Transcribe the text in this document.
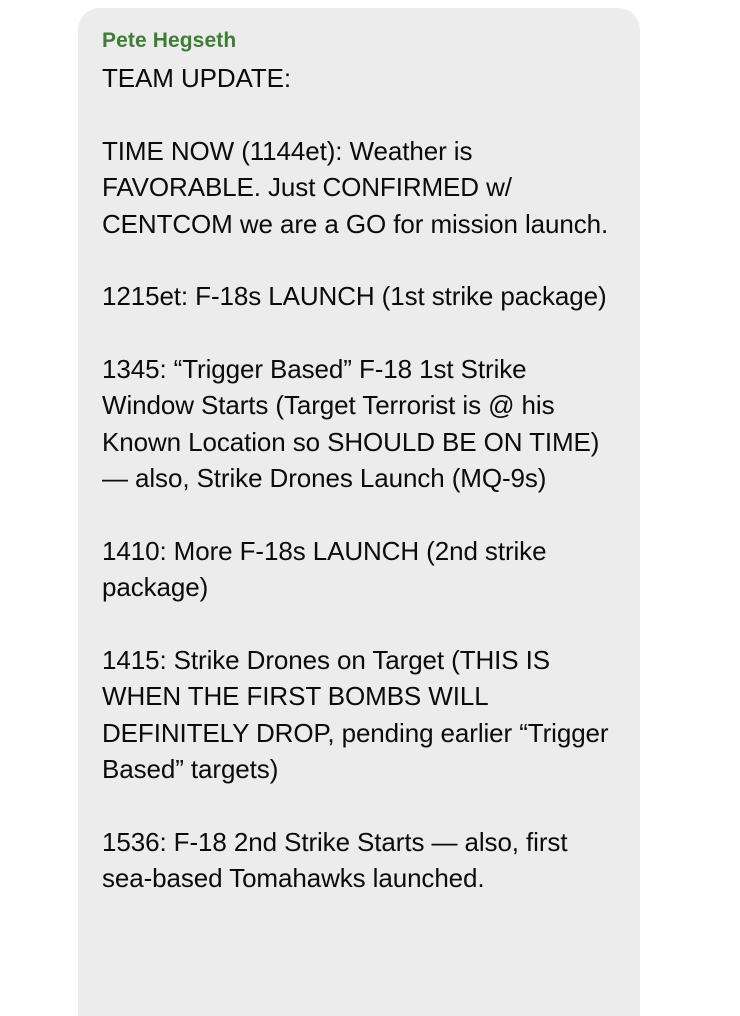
Pete Hegseth

TEAM UPDATE:

TIME NOW (1144et): Weather is FAVORABLE. Just CONFIRMED w/ CENTCOM we are a GO for mission launch.

1215et: F-18s LAUNCH (1st strike package)

1345: “Trigger Based” F-18 1st Strike Window Starts (Target Terrorist is @ his Known Location so SHOULD BE ON TIME) — also, Strike Drones Launch (MQ-9s)

1410: More F-18s LAUNCH (2nd strike package)

1415: Strike Drones on Target (THIS IS WHEN THE FIRST BOMBS WILL DEFINITELY DROP, pending earlier “Trigger Based” targets)

1536: F-18 2nd Strike Starts — also, first sea-based Tomahawks launched.
